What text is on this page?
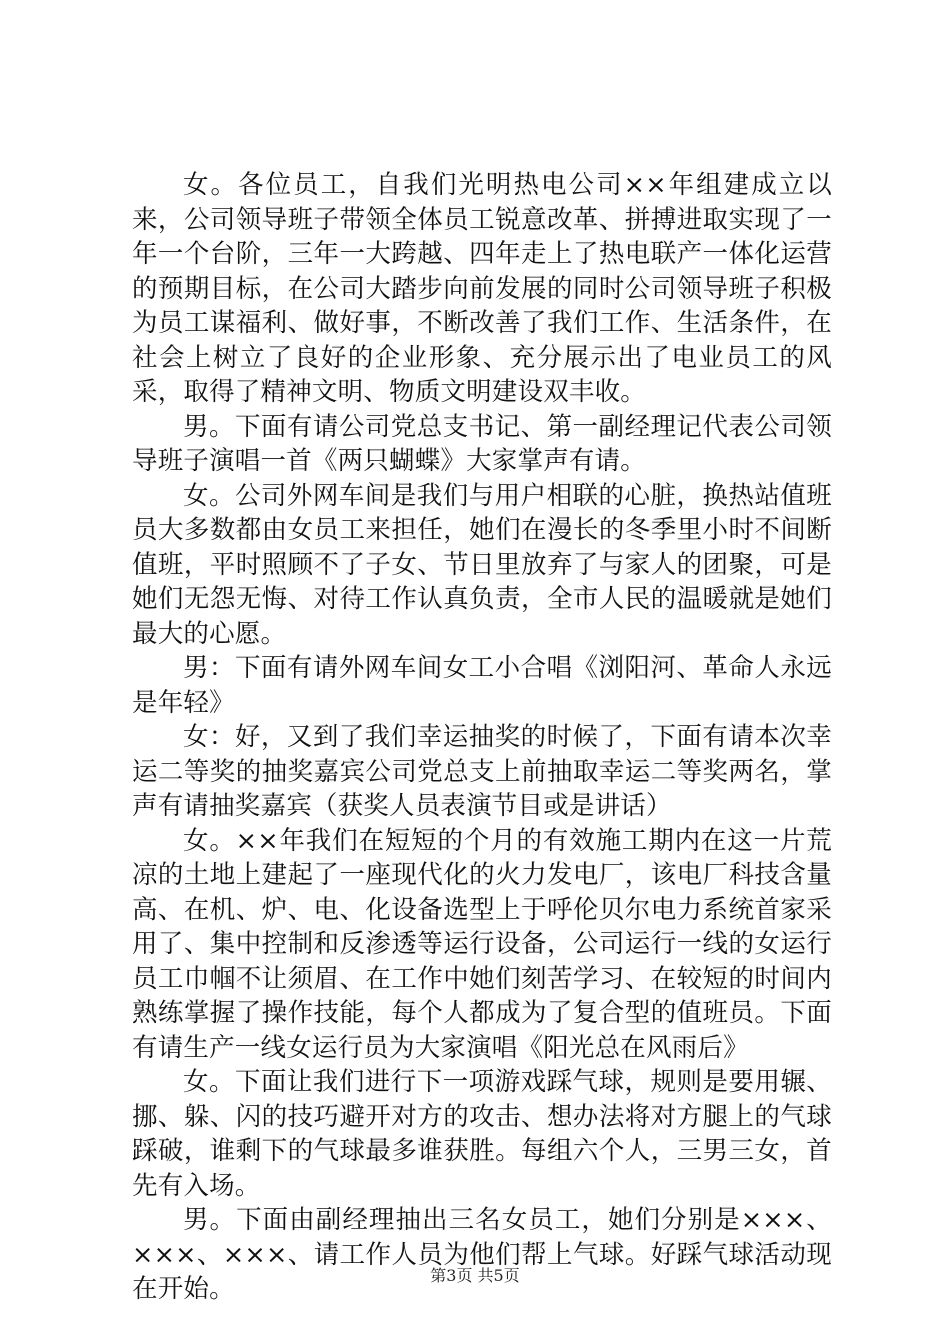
女。各位员工，自我们光明热电公司××年组建成立以来，公司领导班子带领全体员工锐意改革、拼搏进取实现了一年一个台阶，三年一大跨越、四年走上了热电联产一体化运营的预期目标，在公司大踏步向前发展的同时公司领导班子积极为员工谋福利、做好事，不断改善了我们工作、生活条件，在社会上树立了良好的企业形象、充分展示出了电业员工的风采，取得了精神文明、物质文明建设双丰收。

男。下面有请公司党总支书记、第一副经理记代表公司领导班子演唱一首《两只蝴蝶》大家掌声有请。

女。公司外网车间是我们与用户相联的心脏，换热站值班员大多数都由女员工来担任，她们在漫长的冬季里小时不间断值班，平时照顾不了子女、节日里放弃了与家人的团聚，可是她们无怨无悔、对待工作认真负责，全市人民的温暖就是她们最大的心愿。

男：下面有请外网车间女工小合唱《浏阳河、革命人永远是年轻》

女：好，又到了我们幸运抽奖的时候了，下面有请本次幸运二等奖的抽奖嘉宾公司党总支上前抽取幸运二等奖两名，掌声有请抽奖嘉宾（获奖人员表演节目或是讲话）

女。××年我们在短短的个月的有效施工期内在这一片荒凉的土地上建起了一座现代化的火力发电厂，该电厂科技含量高、在机、炉、电、化设备选型上于呼伦贝尔电力系统首家采用了、集中控制和反渗透等运行设备，公司运行一线的女运行员工巾帼不让须眉、在工作中她们刻苦学习、在较短的时间内熟练掌握了操作技能，每个人都成为了复合型的值班员。下面有请生产一线女运行员为大家演唱《阳光总在风雨后》

女。下面让我们进行下一项游戏踩气球，规则是要用辗、挪、躲、闪的技巧避开对方的攻击、想办法将对方腿上的气球踩破，谁剩下的气球最多谁获胜。每组六个人，三男三女，首先有入场。

男。下面由副经理抽出三名女员工，她们分别是×××、×××、×××、请工作人员为他们帮上气球。好踩气球活动现在开始。	第3页 共5页
